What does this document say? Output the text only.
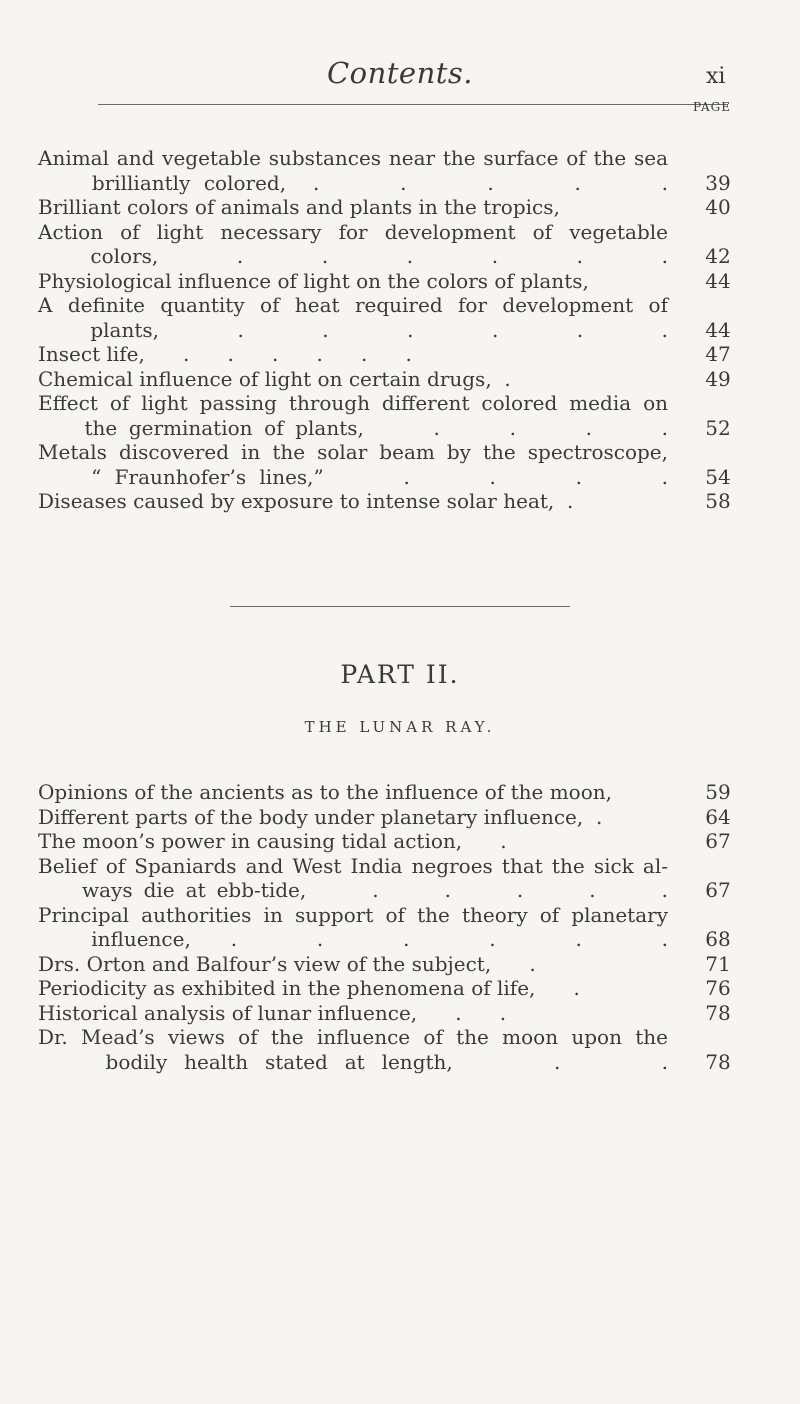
Contents.	xi
PAGE
Animal and vegetable substances near the surface of the sea
brilliantly colored,  .      .      .      .      .	39
Brilliant colors of animals and plants in the tropics,	40
Action of light necessary for development of vegetable
colors,      .      .      .      .      .      .	42
Physiological influence of light on the colors of plants,	44
A definite quantity of heat required for development of
plants,      .      .      .      .      .      .	44
Insect life,      .      .      .      .      .      .	47
Chemical influence of light on certain drugs,  .	49
Effect of light passing through different colored media on
the germination of plants,      .      .      .      .	52
Metals discovered in the solar beam by the spectroscope,
“ Fraunhofer’s lines,”      .      .      .      .	54
Diseases caused by exposure to intense solar heat,  .	58
PART II.
THE LUNAR RAY.
Opinions of the ancients as to the influence of the moon,	59
Different parts of the body under planetary influence,  .	64
The moon’s power in causing tidal action,      .	67
Belief of Spaniards and West India negroes that the sick al-
ways die at ebb-tide,      .      .      .      .      .	67
Principal authorities in support of the theory of planetary
influence,   .      .      .      .      .      .	68
Drs. Orton and Balfour’s view of the subject,      .	71
Periodicity as exhibited in the phenomena of life,      .	76
Historical analysis of lunar influence,      .      .	78
Dr. Mead’s views of the influence of the moon upon the
bodily health stated at length,      .      .	78
